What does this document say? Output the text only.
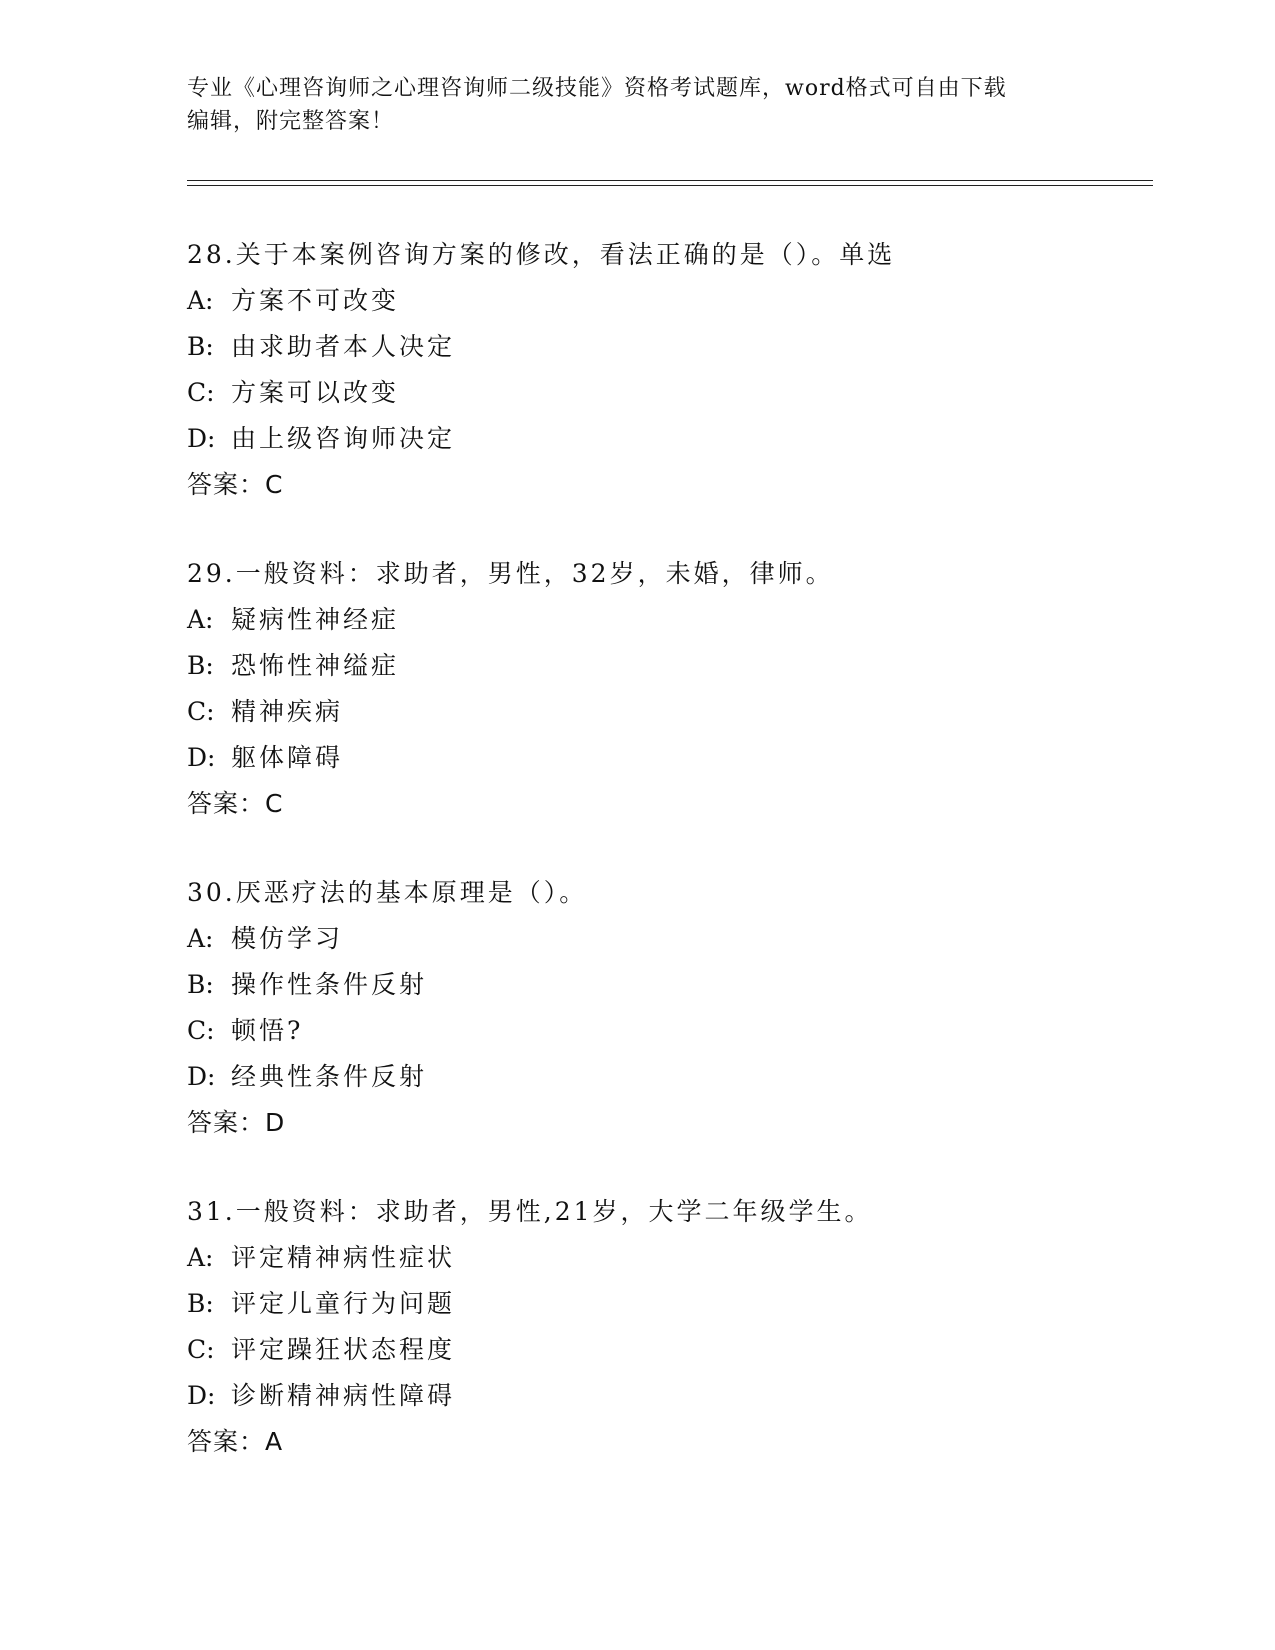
专业《心理咨询师之心理咨询师二级技能》资格考试题库，word格式可自由下载
编辑，附完整答案！
28.关于本案例咨询方案的修改，看法正确的是（）。单选
A: 方案不可改变
B: 由求助者本人决定
C: 方案可以改变
D: 由上级咨询师决定
答案：C
29.一般资料：求助者，男性，32岁，未婚，律师。
A: 疑病性神经症
B: 恐怖性神缢症
C: 精神疾病
D: 躯体障碍
答案：C
30.厌恶疗法的基本原理是（）。
A: 模仿学习
B: 操作性条件反射
C: 顿悟?
D: 经典性条件反射
答案：D
31.一般资料：求助者，男性,21岁，大学二年级学生。
A: 评定精神病性症状
B: 评定儿童行为问题
C: 评定躁狂状态程度
D: 诊断精神病性障碍
答案：A
